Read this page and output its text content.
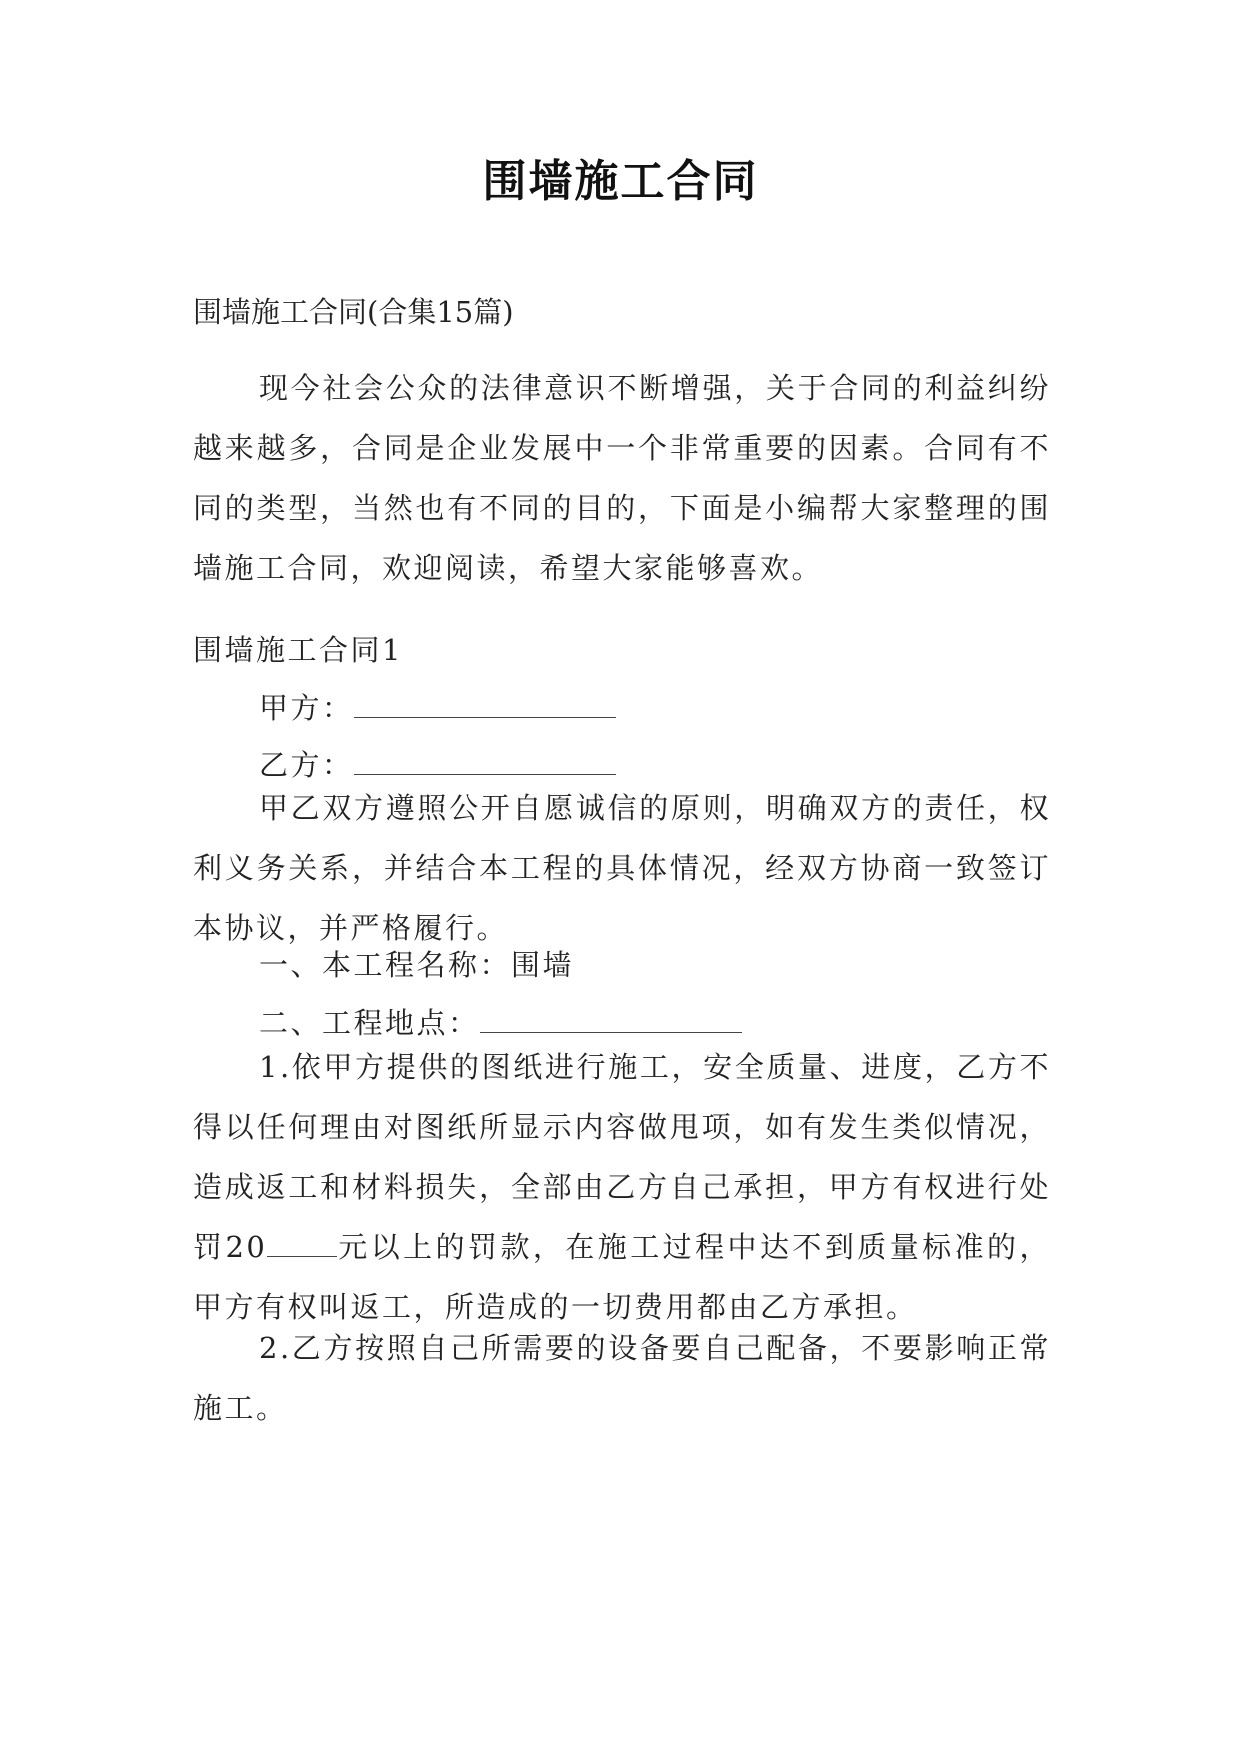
围墙施工合同
围墙施工合同(合集15篇)
现今社会公众的法律意识不断增强，关于合同的利益纠纷越来越多，合同是企业发展中一个非常重要的因素。合同有不同的类型，当然也有不同的目的，下面是小编帮大家整理的围墙施工合同，欢迎阅读，希望大家能够喜欢。
围墙施工合同1
甲方：
乙方：
甲乙双方遵照公开自愿诚信的原则，明确双方的责任，权利义务关系，并结合本工程的具体情况，经双方协商一致签订本协议，并严格履行。
一、本工程名称：围墙
二、工程地点：
1.依甲方提供的图纸进行施工，安全质量、进度，乙方不得以任何理由对图纸所显示内容做甩项，如有发生类似情况，造成返工和材料损失，全部由乙方自己承担，甲方有权进行处罚20 元以上的罚款，在施工过程中达不到质量标准的，甲方有权叫返工，所造成的一切费用都由乙方承担。
2.乙方按照自己所需要的设备要自己配备，不要影响正常施工。
